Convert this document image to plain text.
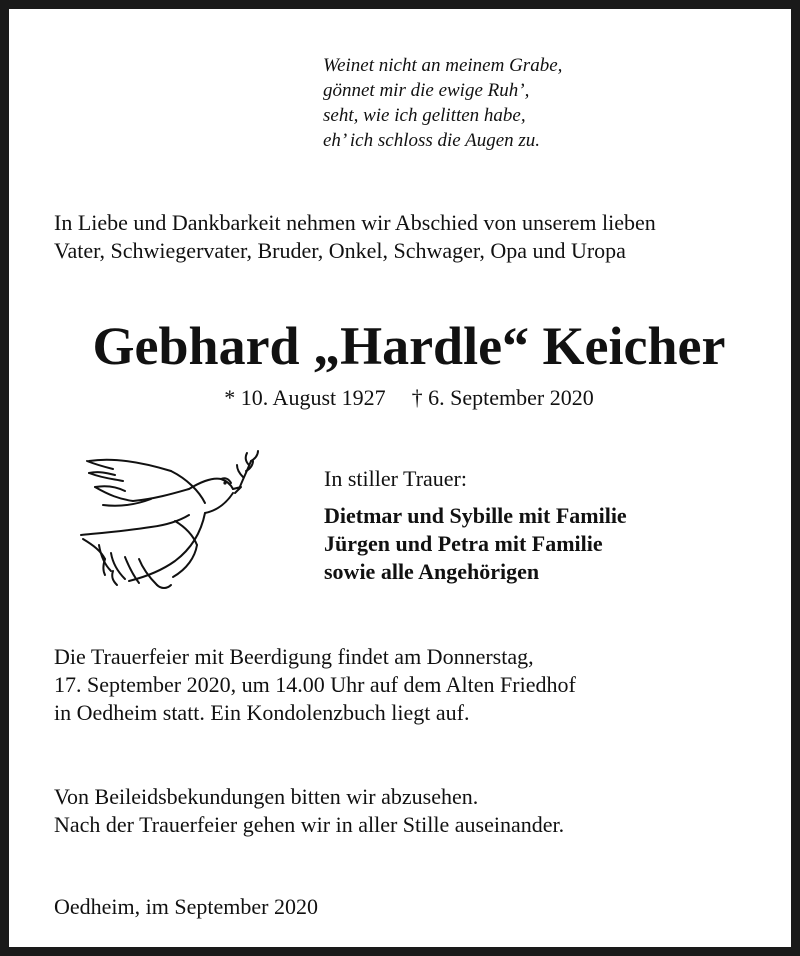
Weinet nicht an meinem Grabe,
gönnet mir die ewige Ruh’,
seht, wie ich gelitten habe,
eh’ ich schloss die Augen zu.
In Liebe und Dankbarkeit nehmen wir Abschied von unserem lieben
Vater, Schwiegervater, Bruder, Onkel, Schwager, Opa und Uropa
Gebhard „Hardle“ Keicher
* 10. August 1927 † 6. September 2020
In stiller Trauer:
Dietmar und Sybille mit Familie
Jürgen und Petra mit Familie
sowie alle Angehörigen
Die Trauerfeier mit Beerdigung findet am Donnerstag,
17. September 2020, um 14.00 Uhr auf dem Alten Friedhof
in Oedheim statt. Ein Kondolenzbuch liegt auf.
Von Beileidsbekundungen bitten wir abzusehen.
Nach der Trauerfeier gehen wir in aller Stille auseinander.
Oedheim, im September 2020
